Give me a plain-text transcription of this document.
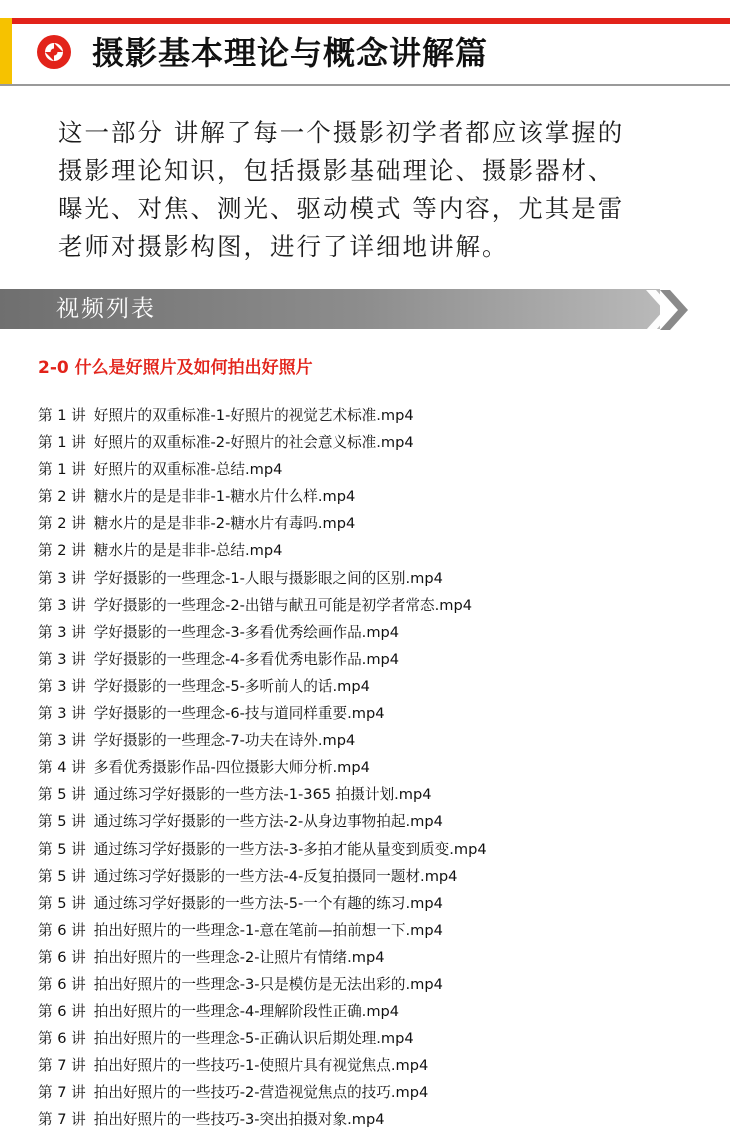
摄影基本理论与概念讲解篇
这一部分 讲解了每一个摄影初学者都应该掌握的摄影理论知识，包括摄影基础理论、摄影器材、曝光、对焦、测光、驱动模式 等内容，尤其是雷老师对摄影构图，进行了详细地讲解。
视频列表
2-0 什么是好照片及如何拍出好照片
第 1 讲 好照片的双重标准-1-好照片的视觉艺术标准.mp4
第 1 讲 好照片的双重标准-2-好照片的社会意义标准.mp4
第 1 讲 好照片的双重标准-总结.mp4
第 2 讲 糖水片的是是非非-1-糖水片什么样.mp4
第 2 讲 糖水片的是是非非-2-糖水片有毒吗.mp4
第 2 讲 糖水片的是是非非-总结.mp4
第 3 讲 学好摄影的一些理念-1-人眼与摄影眼之间的区别.mp4
第 3 讲 学好摄影的一些理念-2-出错与献丑可能是初学者常态.mp4
第 3 讲 学好摄影的一些理念-3-多看优秀绘画作品.mp4
第 3 讲 学好摄影的一些理念-4-多看优秀电影作品.mp4
第 3 讲 学好摄影的一些理念-5-多听前人的话.mp4
第 3 讲 学好摄影的一些理念-6-技与道同样重要.mp4
第 3 讲 学好摄影的一些理念-7-功夫在诗外.mp4
第 4 讲 多看优秀摄影作品-四位摄影大师分析.mp4
第 5 讲 通过练习学好摄影的一些方法-1-365 拍摄计划.mp4
第 5 讲 通过练习学好摄影的一些方法-2-从身边事物拍起.mp4
第 5 讲 通过练习学好摄影的一些方法-3-多拍才能从量变到质变.mp4
第 5 讲 通过练习学好摄影的一些方法-4-反复拍摄同一题材.mp4
第 5 讲 通过练习学好摄影的一些方法-5-一个有趣的练习.mp4
第 6 讲 拍出好照片的一些理念-1-意在笔前—拍前想一下.mp4
第 6 讲 拍出好照片的一些理念-2-让照片有情绪.mp4
第 6 讲 拍出好照片的一些理念-3-只是模仿是无法出彩的.mp4
第 6 讲 拍出好照片的一些理念-4-理解阶段性正确.mp4
第 6 讲 拍出好照片的一些理念-5-正确认识后期处理.mp4
第 7 讲 拍出好照片的一些技巧-1-使照片具有视觉焦点.mp4
第 7 讲 拍出好照片的一些技巧-2-营造视觉焦点的技巧.mp4
第 7 讲 拍出好照片的一些技巧-3-突出拍摄对象.mp4
